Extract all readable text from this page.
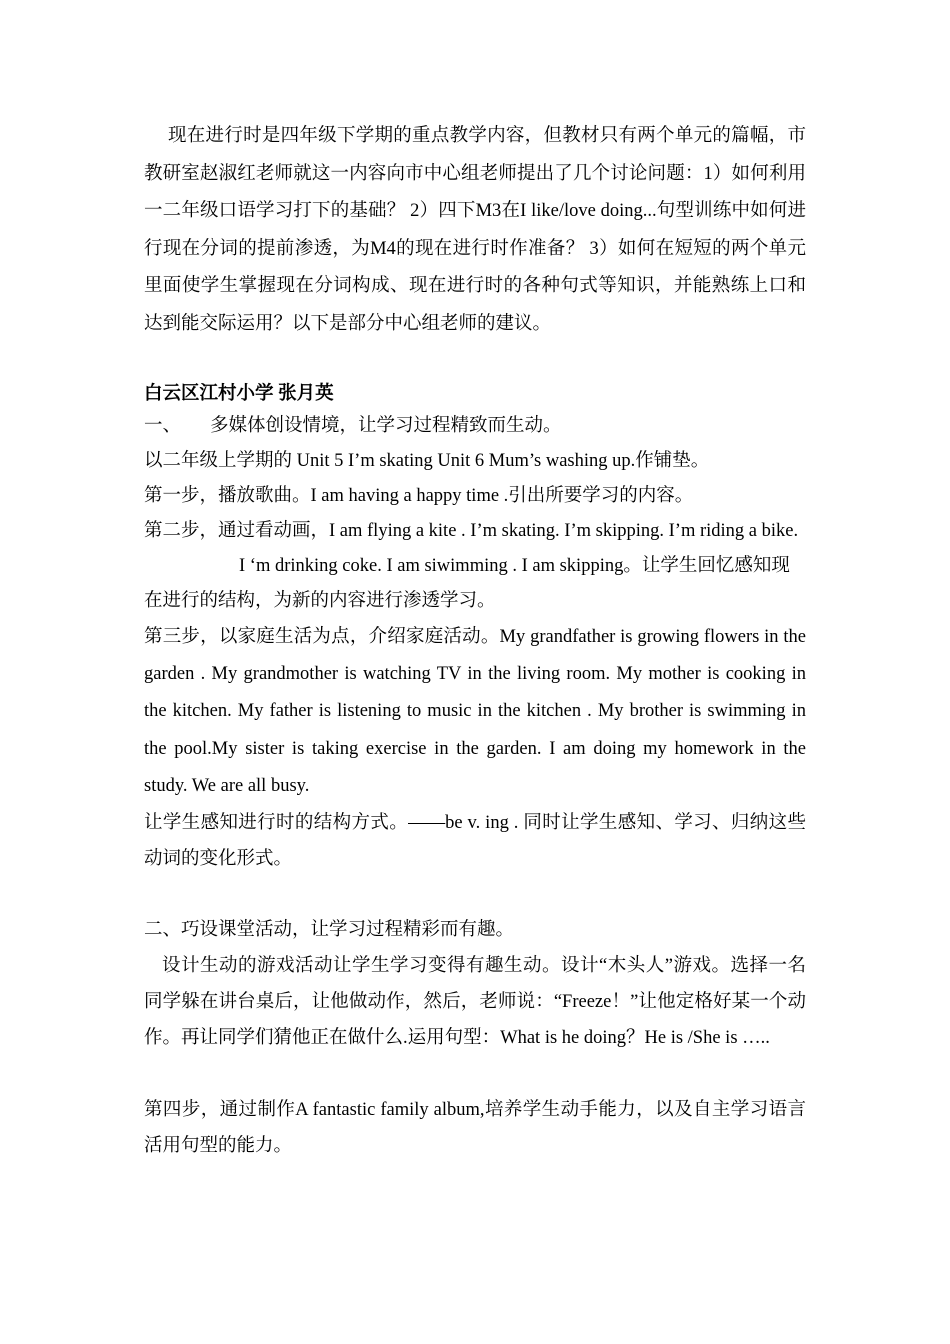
现在进行时是四年级下学期的重点教学内容，但教材只有两个单元的篇幅，市教研室赵淑红老师就这一内容向市中心组老师提出了几个讨论问题：1）如何利用一二年级口语学习打下的基础？ 2）四下M3在I like/love doing...句型训练中如何进行现在分词的提前渗透，为M4的现在进行时作准备？ 3）如何在短短的两个单元里面使学生掌握现在分词构成、现在进行时的各种句式等知识，并能熟练上口和达到能交际运用？以下是部分中心组老师的建议。

白云区江村小学 张月英

一、 多媒体创设情境，让学习过程精致而生动。

以二年级上学期的 Unit 5 I’m skating Unit 6 Mum’s washing up.作铺垫。

第一步，播放歌曲。I am having a happy time .引出所要学习的内容。

第二步，通过看动画，I am flying a kite . I’m skating. I’m skipping. I’m riding a bike.

I ‘m drinking coke. I am siwimming . I am skipping。让学生回忆感知现

在进行的结构，为新的内容进行渗透学习。

第三步，以家庭生活为点，介绍家庭活动。My grandfather is growing flowers in the garden . My grandmother is watching TV in the living room. My mother is cooking in the kitchen. My father is listening to music in the kitchen . My brother is swimming in the pool.My sister is taking exercise in the garden. I am doing my homework in the study. We are all busy.

让学生感知进行时的结构方式。——be v. ing . 同时让学生感知、学习、归纳这些动词的变化形式。

二、巧设课堂活动，让学习过程精彩而有趣。

设计生动的游戏活动让学生学习变得有趣生动。设计“木头人”游戏。选择一名同学躲在讲台桌后，让他做动作，然后，老师说：“Freeze！”让他定格好某一个动作。再让同学们猜他正在做什么.运用句型：What is he doing？He is /She is …..

第四步，通过制作A fantastic family album,培养学生动手能力，以及自主学习语言活用句型的能力。
